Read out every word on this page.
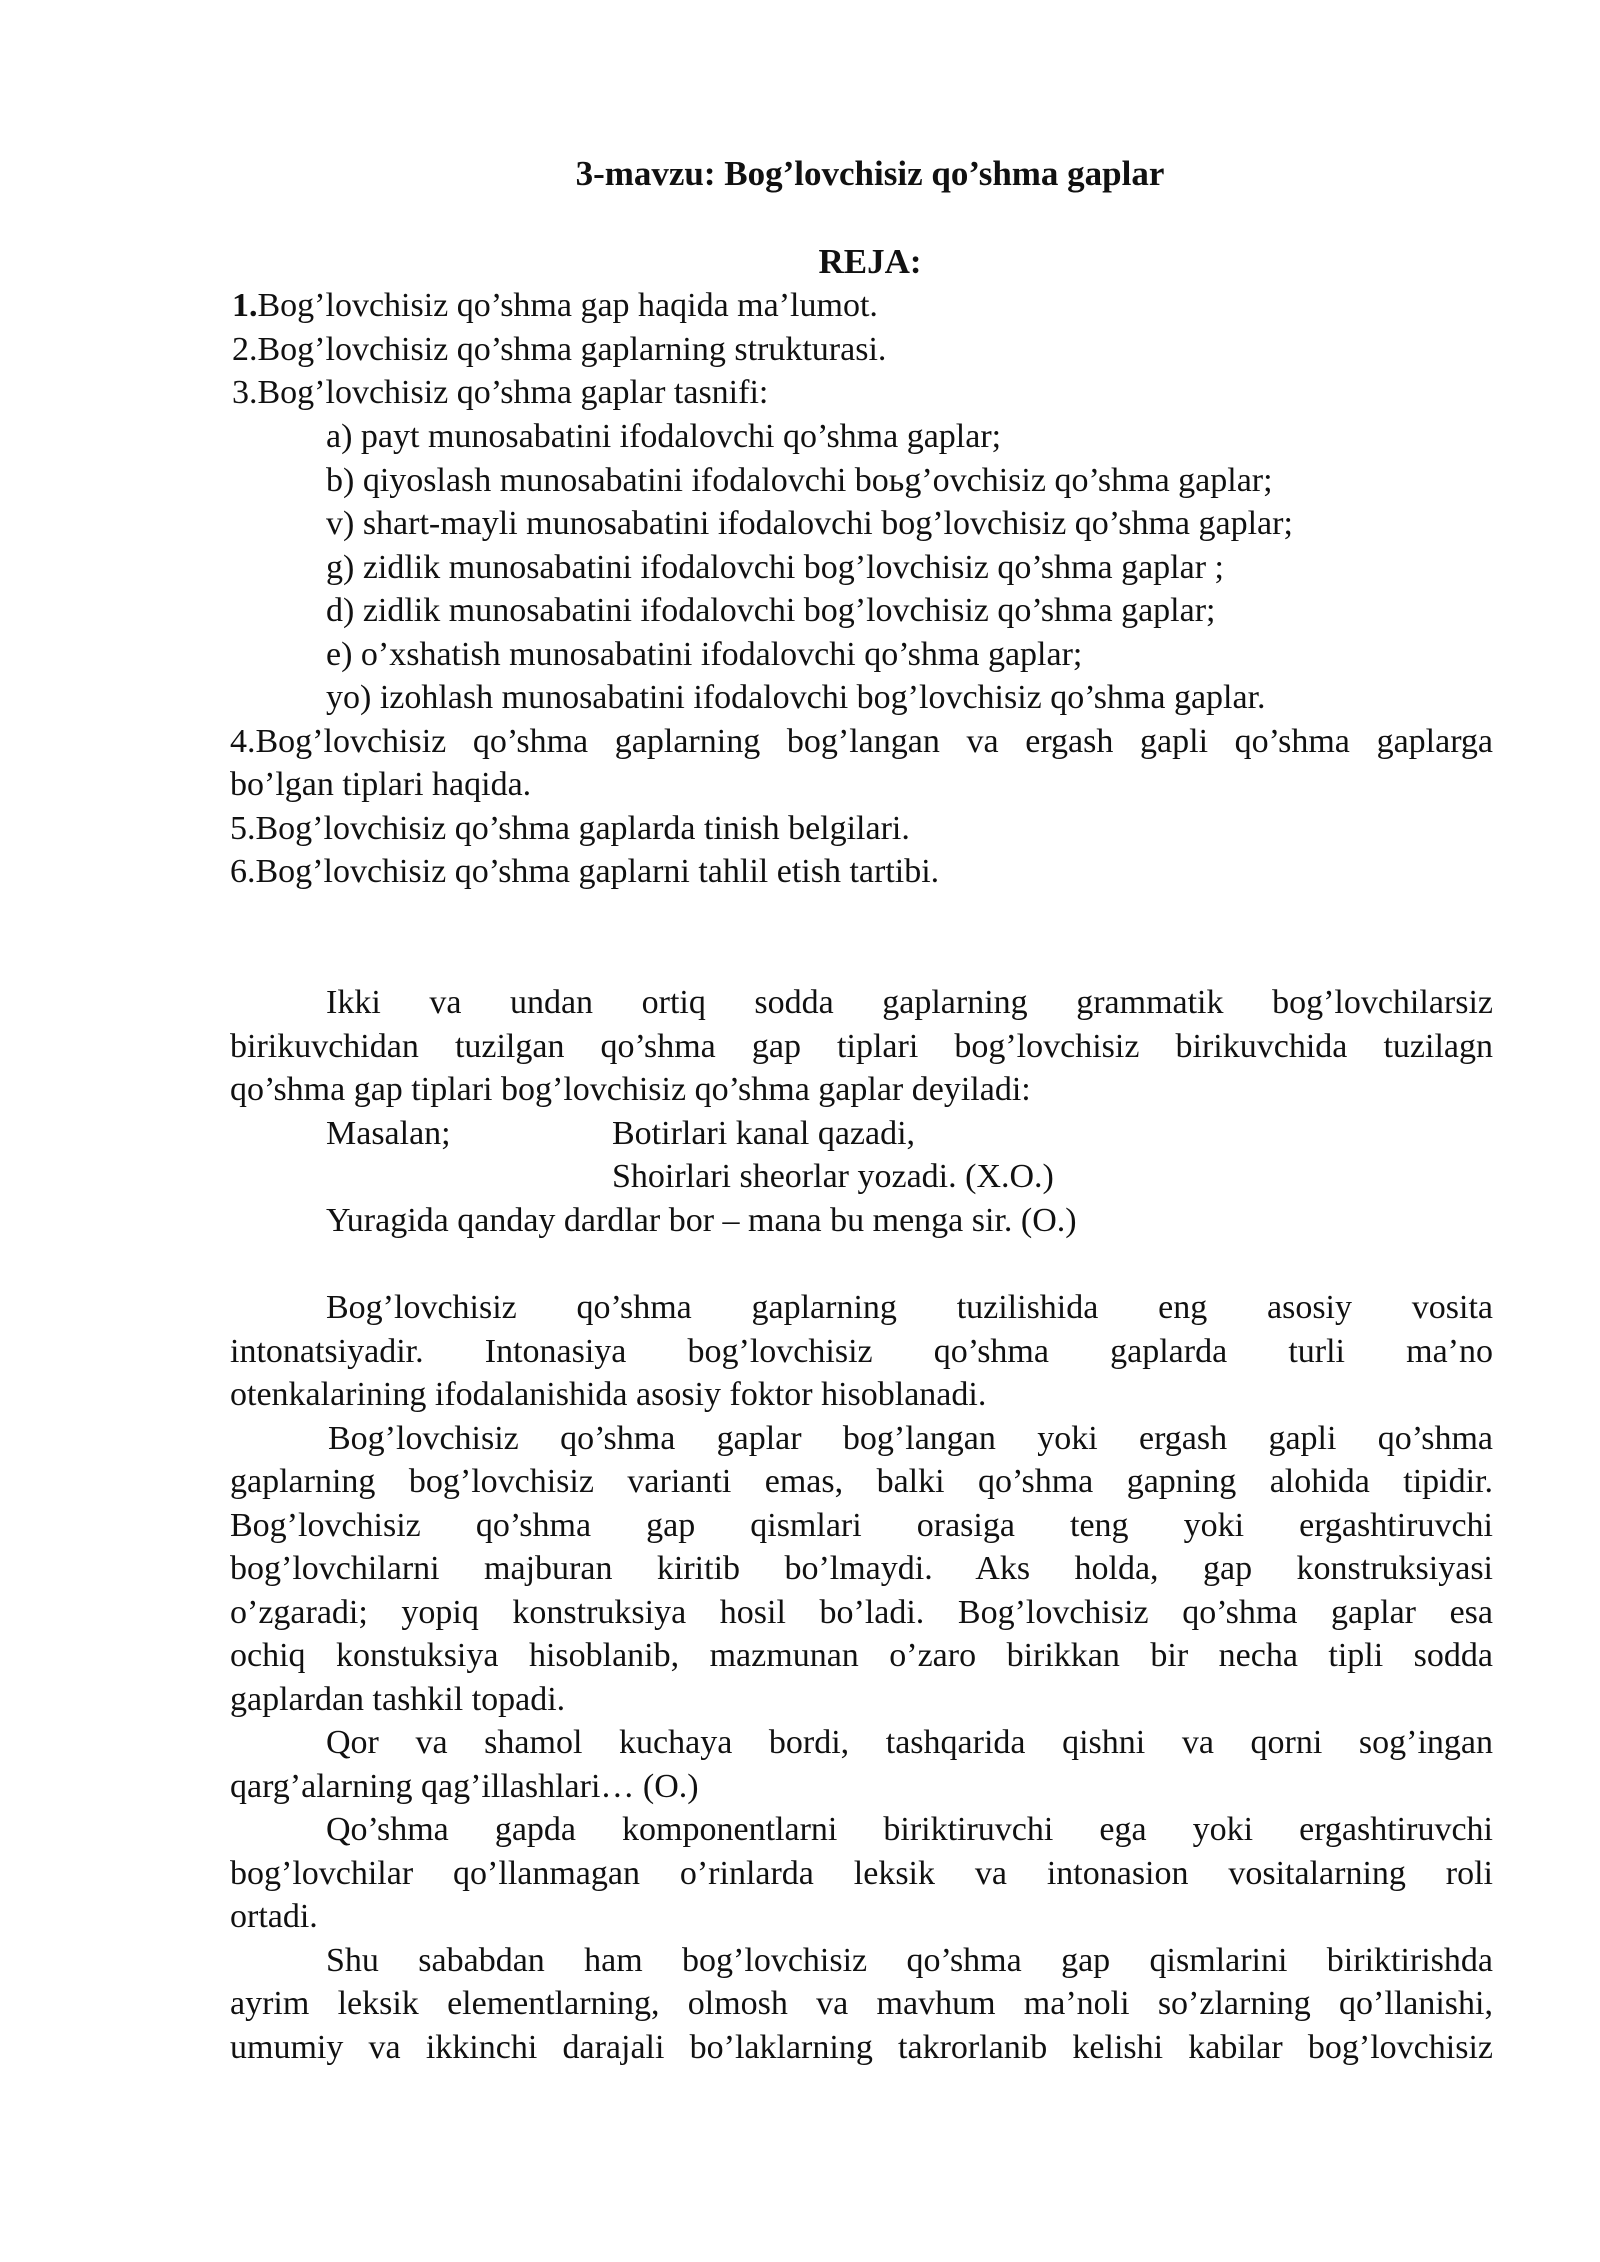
3-mavzu: Bog’lovchisiz qo’shma gaplar
REJA:
1.Bog’lovchisiz qo’shma gap haqida ma’lumot.
2.Bog’lovchisiz qo’shma gaplarning strukturasi.
3.Bog’lovchisiz qo’shma gaplar tasnifi:
a) payt munosabatini ifodalovchi qo’shma gaplar;
b) qiyoslash munosabatini ifodalovchi boьg’ovchisiz qo’shma gaplar;
v) shart-mayli munosabatini ifodalovchi bog’lovchisiz qo’shma gaplar;
g) zidlik munosabatini ifodalovchi bog’lovchisiz qo’shma gaplar ;
d) zidlik munosabatini ifodalovchi bog’lovchisiz qo’shma gaplar;
e) o’xshatish munosabatini ifodalovchi qo’shma gaplar;
yo) izohlash munosabatini ifodalovchi bog’lovchisiz qo’shma gaplar.
4.Bog’lovchisiz qo’shma gaplarning bog’langan va ergash gapli qo’shma gaplarga
bo’lgan tiplari haqida.
5.Bog’lovchisiz qo’shma gaplarda tinish belgilari.
6.Bog’lovchisiz qo’shma gaplarni tahlil etish tartibi.
Ikki va undan ortiq sodda gaplarning grammatik bog’lovchilarsiz
birikuvchidan tuzilgan qo’shma gap tiplari bog’lovchisiz birikuvchida tuzilagn
qo’shma gap tiplari bog’lovchisiz qo’shma gaplar deyiladi:
Masalan;	Botirlari kanal qazadi,
Shoirlari sheorlar yozadi. (X.O.)
Yuragida qanday dardlar bor – mana bu menga sir. (O.)
Bog’lovchisiz qo’shma gaplarning tuzilishida eng asosiy vosita
intonatsiyadir. Intonasiya bog’lovchisiz qo’shma gaplarda turli ma’no
otenkalarining ifodalanishida asosiy foktor hisoblanadi.
Bog’lovchisiz qo’shma gaplar bog’langan yoki ergash gapli qo’shma
gaplarning bog’lovchisiz varianti emas, balki qo’shma gapning alohida tipidir.
Bog’lovchisiz qo’shma gap qismlari orasiga teng yoki ergashtiruvchi
bog’lovchilarni majburan kiritib bo’lmaydi. Aks holda, gap konstruksiyasi
o’zgaradi; yopiq konstruksiya hosil bo’ladi. Bog’lovchisiz qo’shma gaplar esa
ochiq konstuksiya hisoblanib, mazmunan o’zaro birikkan bir necha tipli sodda
gaplardan tashkil topadi.
Qor va shamol kuchaya bordi, tashqarida qishni va qorni sog’ingan
qarg’alarning qag’illashlari… (O.)
Qo’shma gapda komponentlarni biriktiruvchi ega yoki ergashtiruvchi
bog’lovchilar qo’llanmagan o’rinlarda leksik va intonasion vositalarning roli
ortadi.
Shu sababdan ham bog’lovchisiz qo’shma gap qismlarini biriktirishda
ayrim leksik elementlarning, olmosh va mavhum ma’noli so’zlarning qo’llanishi,
umumiy va ikkinchi darajali bo’laklarning takrorlanib kelishi kabilar bog’lovchisiz
